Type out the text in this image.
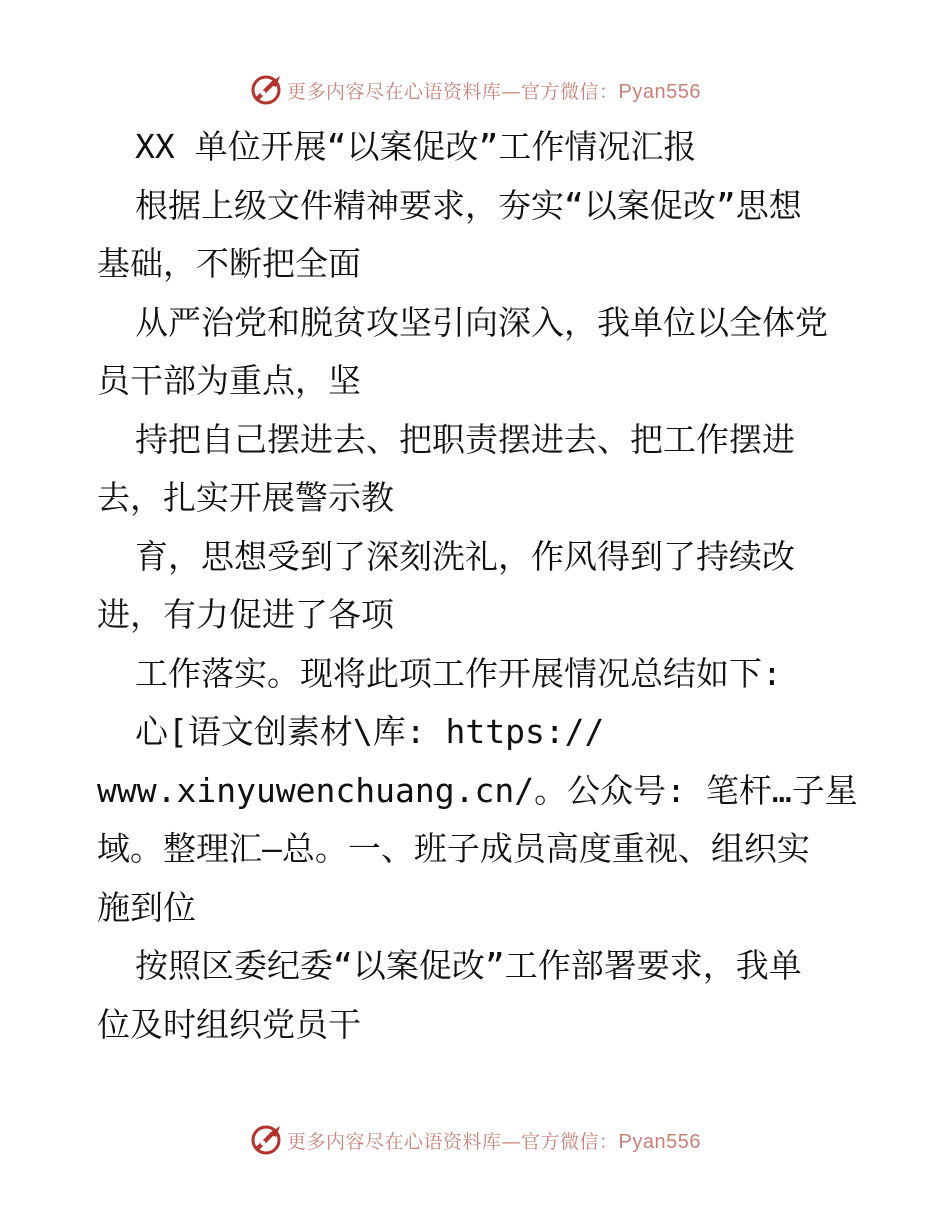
更多内容尽在心语资料库—官方微信：Pyan556
XX 单位开展“以案促改”工作情况汇报
根据上级文件精神要求，夯实“以案促改”思想
基础，不断把全面
从严治党和脱贫攻坚引向深入，我单位以全体党
员干部为重点，坚
持把自己摆进去、把职责摆进去、把工作摆进
去，扎实开展警示教
育，思想受到了深刻洗礼，作风得到了持续改
进，有力促进了各项
工作落实。现将此项工作开展情况总结如下:
心[语文创素材\库: https://
www.xinyuwenchuang.cn/。公众号: 笔杆…子星
域。整理汇—总。一、班子成员高度重视、组织实
施到位
按照区委纪委“以案促改”工作部署要求，我单
位及时组织党员干
更多内容尽在心语资料库—官方微信：Pyan556
